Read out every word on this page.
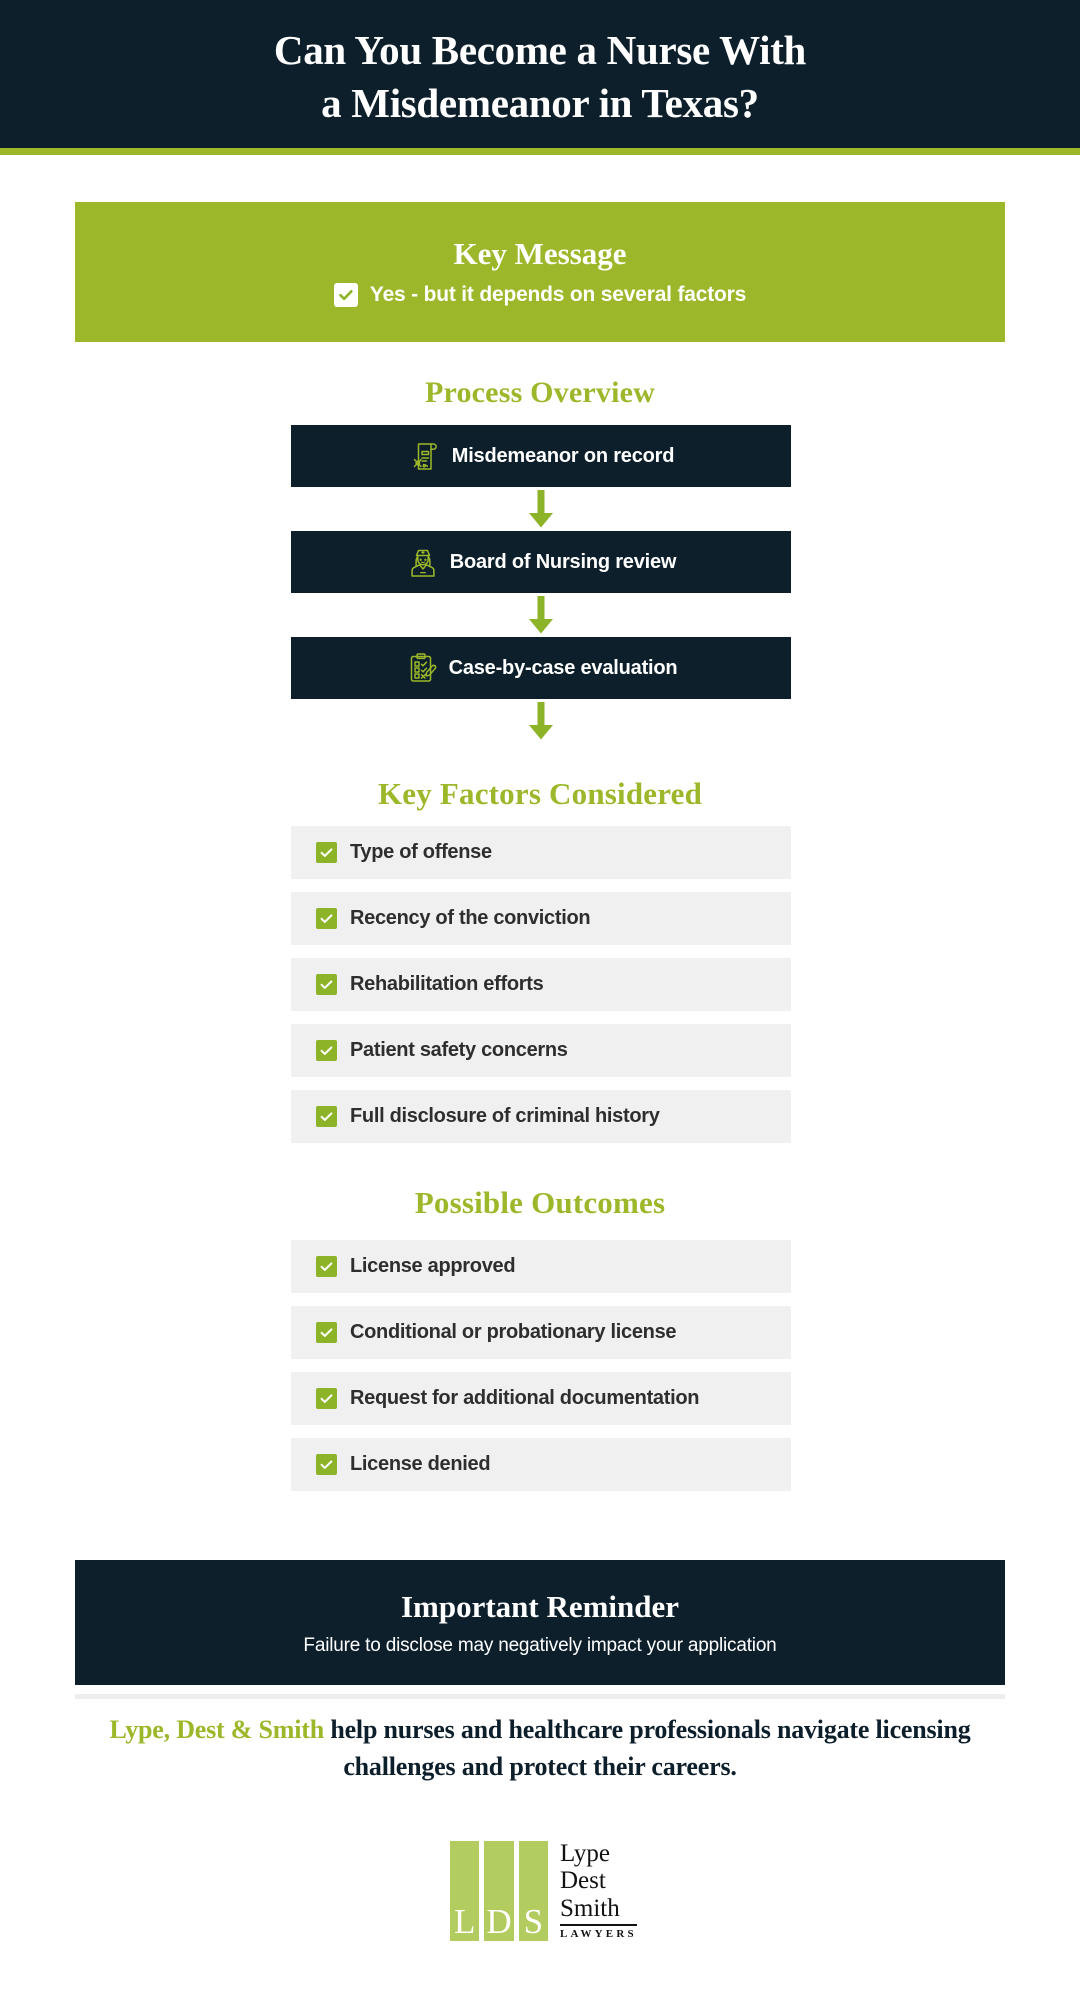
Can You Become a Nurse With
a Misdemeanor in Texas?
Key Message
Yes - but it depends on several factors
Process Overview
Misdemeanor on record
Board of Nursing review
Case-by-case evaluation
Key Factors Considered
Type of offense
Recency of the conviction
Rehabilitation efforts
Patient safety concerns
Full disclosure of criminal history
Possible Outcomes
License approved
Conditional or probationary license
Request for additional documentation
License denied
Important Reminder
Failure to disclose may negatively impact your application

Lype, Dest & Smith help nurses and healthcare professionals navigate licensing challenges and protect their careers.

L D S
Lype
Dest
Smith
LAWYERS
